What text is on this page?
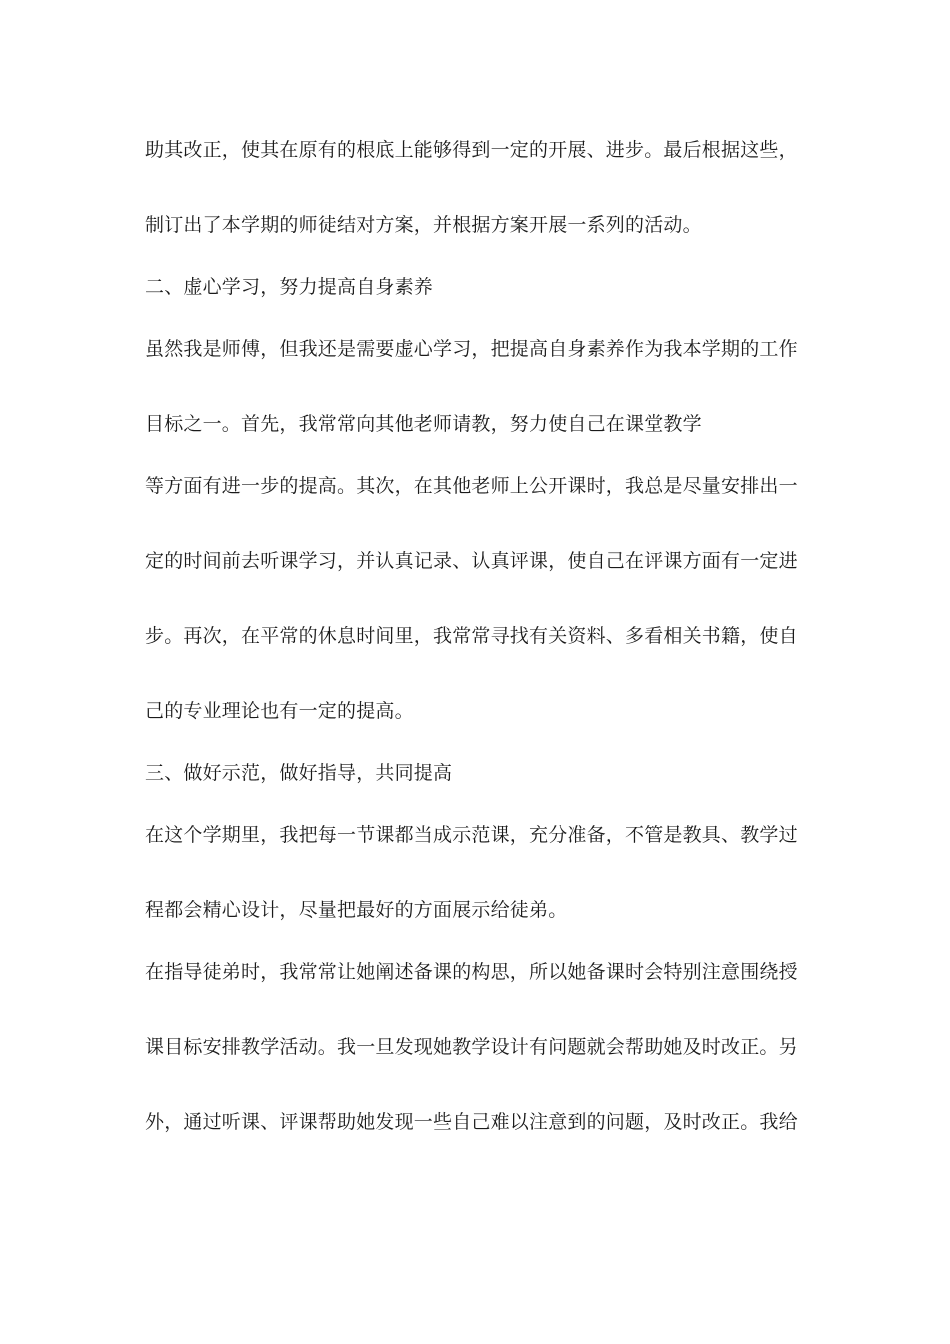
助其改正，使其在原有的根底上能够得到一定的开展、进步。最后根据这些，
制订出了本学期的师徒结对方案，并根据方案开展一系列的活动。
二、虚心学习，努力提高自身素养
虽然我是师傅，但我还是需要虚心学习，把提高自身素养作为我本学期的工作
目标之一。首先，我常常向其他老师请教，努力使自己在课堂教学
等方面有进一步的提高。其次，在其他老师上公开课时，我总是尽量安排出一
定的时间前去听课学习，并认真记录、认真评课，使自己在评课方面有一定进
步。再次，在平常的休息时间里，我常常寻找有关资料、多看相关书籍，使自
己的专业理论也有一定的提高。
三、做好示范，做好指导，共同提高
在这个学期里，我把每一节课都当成示范课，充分准备，不管是教具、教学过
程都会精心设计，尽量把最好的方面展示给徒弟。
在指导徒弟时，我常常让她阐述备课的构思，所以她备课时会特别注意围绕授
课目标安排教学活动。我一旦发现她教学设计有问题就会帮助她及时改正。另
外，通过听课、评课帮助她发现一些自己难以注意到的问题，及时改正。我给
